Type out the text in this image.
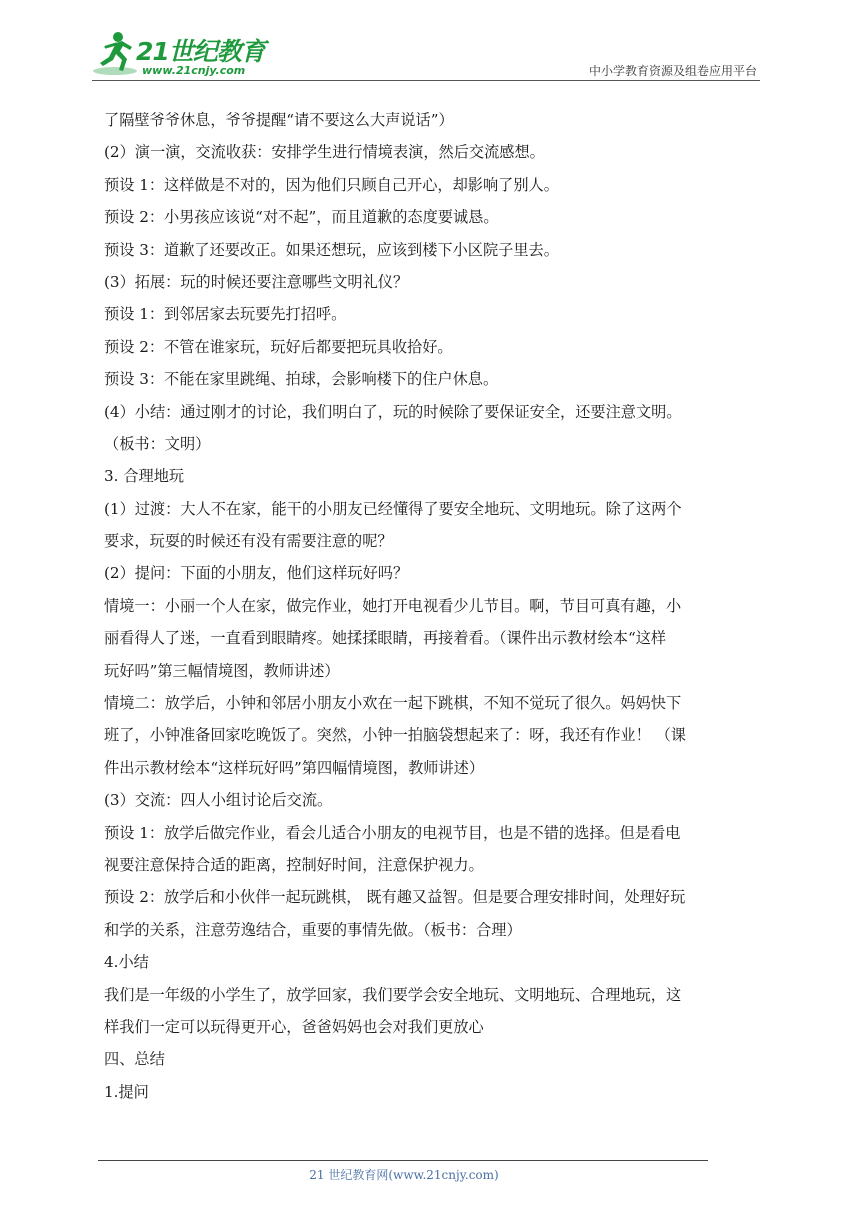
21世纪教育
www.21cnjy.com	中小学教育资源及组卷应用平台
了隔壁爷爷休息，爷爷提醒“请不要这么大声说话”）
(2）演一演，交流收获：安排学生进行情境表演，然后交流感想。
预设 1：这样做是不对的，因为他们只顾自己开心，却影响了别人。
预设 2：小男孩应该说“对不起”，而且道歉的态度要诚恳。
预设 3：道歉了还要改正。如果还想玩，应该到楼下小区院子里去。
(3）拓展：玩的时候还要注意哪些文明礼仪？
预设 1：到邻居家去玩要先打招呼。
预设 2：不管在谁家玩，玩好后都要把玩具收拾好。
预设 3：不能在家里跳绳、拍球，会影响楼下的住户休息。
(4）小结：通过刚才的讨论，我们明白了，玩的时候除了要保证安全，还要注意文明。
（板书：文明）
3. 合理地玩
(1）过渡：大人不在家，能干的小朋友已经懂得了要安全地玩、文明地玩。除了这两个
要求，玩耍的时候还有没有需要注意的呢？
(2）提问：下面的小朋友，他们这样玩好吗？
情境一：小丽一个人在家，做完作业，她打开电视看少儿节目。啊，节目可真有趣，小
丽看得人了迷，一直看到眼睛疼。她揉揉眼睛，再接着看。（课件出示教材绘本“这样
玩好吗”第三幅情境图，教师讲述）
情境二：放学后，小钟和邻居小朋友小欢在一起下跳棋，不知不觉玩了很久。妈妈快下
班了，小钟准备回家吃晚饭了。突然，小钟一拍脑袋想起来了：呀，我还有作业！ （课
件出示教材绘本“这样玩好吗”第四幅情境图，教师讲述）
(3）交流：四人小组讨论后交流。
预设 1：放学后做完作业，看会儿适合小朋友的电视节目，也是不错的选择。但是看电
视要注意保持合适的距离，控制好时间，注意保护视力。
预设 2：放学后和小伙伴一起玩跳棋， 既有趣又益智。但是要合理安排时间，处理好玩
和学的关系，注意劳逸结合，重要的事情先做。（板书：合理）
4.小结
我们是一年级的小学生了，放学回家，我们要学会安全地玩、文明地玩、合理地玩，这
样我们一定可以玩得更开心，爸爸妈妈也会对我们更放心
四、总结
1.提问
21 世纪教育网(www.21cnjy.com)
